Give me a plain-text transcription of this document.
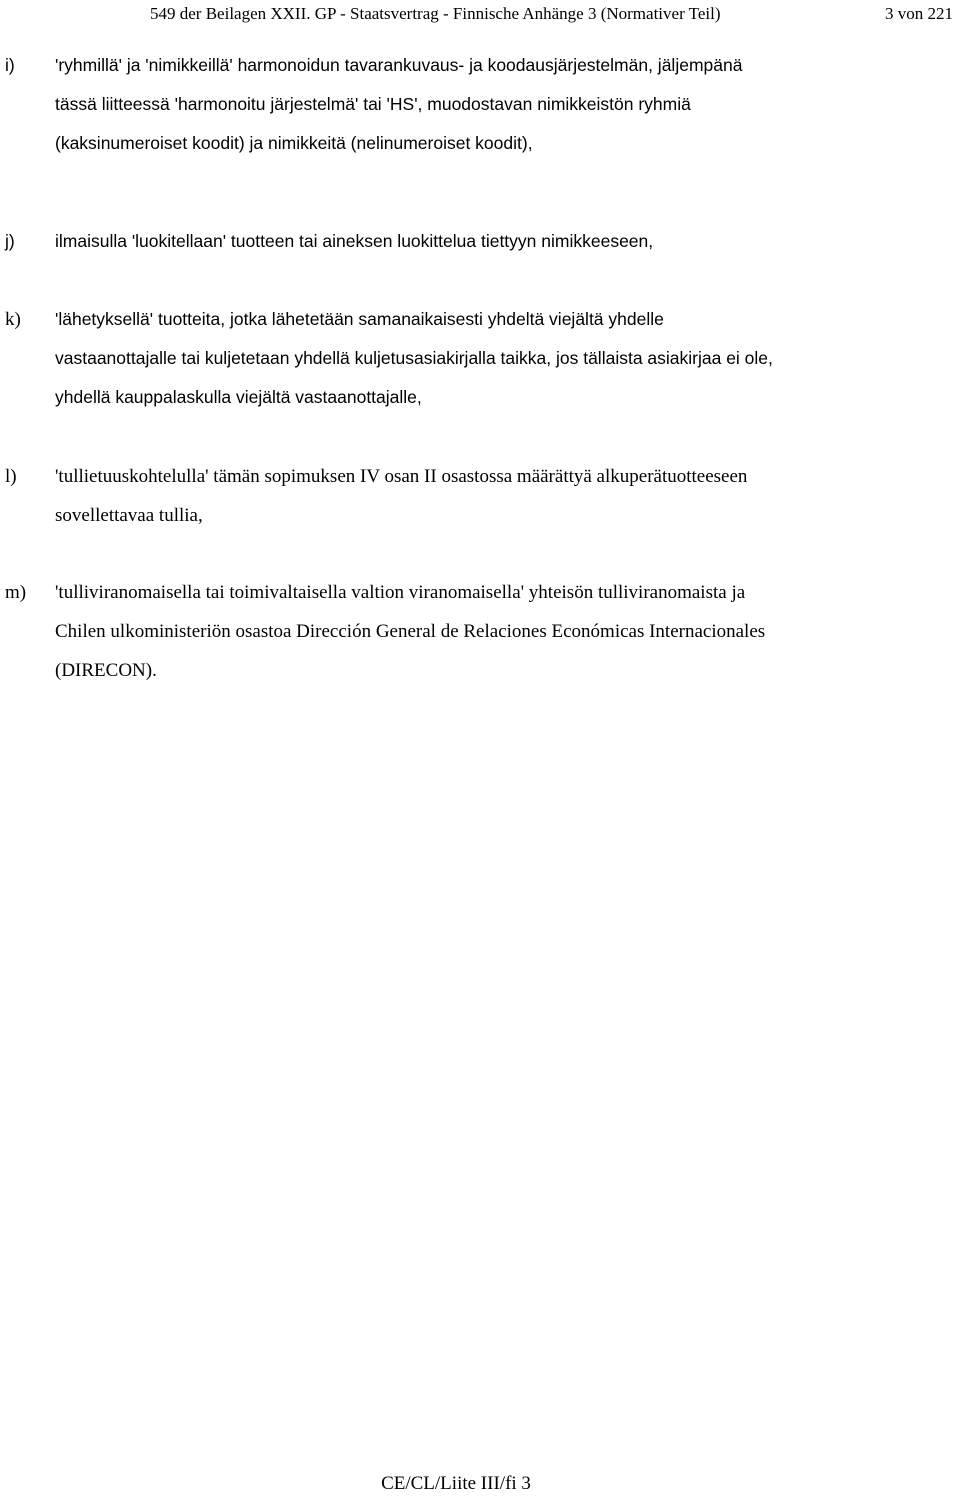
549 der Beilagen XXII. GP - Staatsvertrag - Finnische Anhänge 3 (Normativer Teil)	3 von 221
i) 'ryhmillä' ja 'nimikkeillä' harmonoidun tavarankuvaus- ja koodausjärjestelmän, jäljempänä
tässä liitteessä 'harmonoitu järjestelmä' tai 'HS', muodostavan nimikkeistön ryhmiä
(kaksinumeroiset koodit) ja nimikkeitä (nelinumeroiset koodit),
j) ilmaisulla 'luokitellaan' tuotteen tai aineksen luokittelua tiettyyn nimikkeeseen,
k) 'lähetyksellä' tuotteita, jotka lähetetään samanaikaisesti yhdeltä viejältä yhdelle
vastaanottajalle tai kuljetetaan yhdellä kuljetusasiakirjalla taikka, jos tällaista asiakirjaa ei ole,
yhdellä kauppalaskulla viejältä vastaanottajalle,
l) 'tullietuuskohtelulla' tämän sopimuksen IV osan II osastossa määrättyä alkuperätuotteeseen
sovellettavaa tullia,
m) 'tulliviranomaisella tai toimivaltaisella valtion viranomaisella' yhteisön tulliviranomaista ja
Chilen ulkoministeriön osastoa Dirección General de Relaciones Económicas Internacionales
(DIRECON).
CE/CL/Liite III/fi 3
